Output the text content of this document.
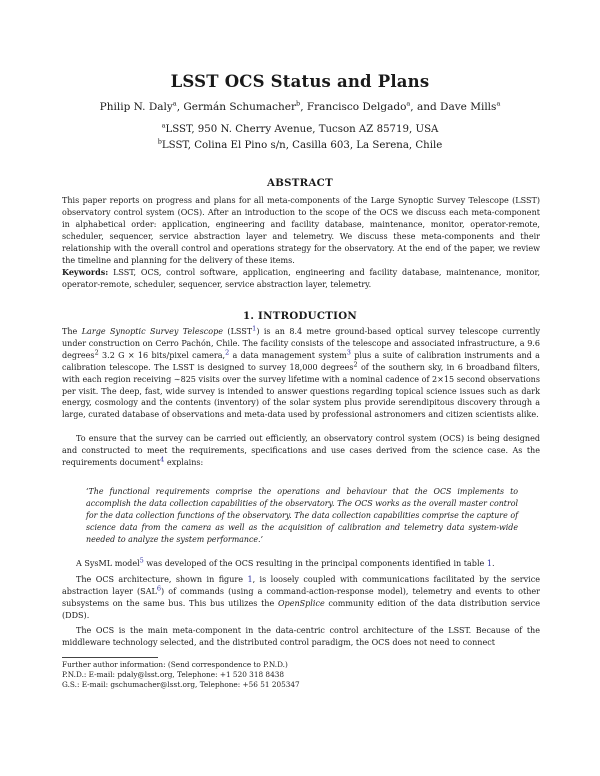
LSST OCS Status and Plans
Philip N. Daly$^a$, Germán Schumacher$^b$, Francisco Delgado$^a$, and Dave Mills$^a$
$^a$LSST, 950 N. Cherry Avenue, Tucson AZ 85719, USA
$^b$LSST, Colina El Pino s/n, Casilla 603, La Serena, Chile
ABSTRACT
This paper reports on progress and plans for all meta-components of the Large Synoptic Survey Telescope (LSST) observatory control system (OCS). After an introduction to the scope of the OCS we discuss each meta-component in alphabetical order: application, engineering and facility database, maintenance, monitor, operator-remote, scheduler, sequencer, service abstraction layer and telemetry. We discuss these meta-components and their relationship with the overall control and operations strategy for the observatory. At the end of the paper, we review the timeline and planning for the delivery of these items.
Keywords: LSST, OCS, control software, application, engineering and facility database, maintenance, monitor, operator-remote, scheduler, sequencer, service abstraction layer, telemetry.
1. INTRODUCTION
The Large Synoptic Survey Telescope (LSST$^1$) is an 8.4 metre ground-based optical survey telescope currently under construction on Cerro Pachón, Chile. The facility consists of the telescope and associated infrastructure, a 9.6 degrees$^2$ 3.2 G × 16 bits/pixel camera,$^2$ a data management system$^3$ plus a suite of calibration instruments and a calibration telescope. The LSST is designed to survey 18,000 degrees$^2$ of the southern sky, in 6 broadband filters, with each region receiving ∼825 visits over the survey lifetime with a nominal cadence of 2×15 second observations per visit. The deep, fast, wide survey is intended to answer questions regarding topical science issues such as dark energy, cosmology and the contents (inventory) of the solar system plus provide serendipitous discovery through a large, curated database of observations and meta-data used by professional astronomers and citizen scientists alike.
To ensure that the survey can be carried out efficiently, an observatory control system (OCS) is being designed and constructed to meet the requirements, specifications and use cases derived from the science case. As the requirements document$^4$ explains:
‘The functional requirements comprise the operations and behaviour that the OCS implements to accomplish the data collection capabilities of the observatory. The OCS works as the overall master control for the data collection functions of the observatory. The data collection capabilities comprise the capture of science data from the camera as well as the acquisition of calibration and telemetry data system-wide needed to analyze the system performance.’
A SysML model$^5$ was developed of the OCS resulting in the principal components identified in table 1.
The OCS architecture, shown in figure 1, is loosely coupled with communications facilitated by the service abstraction layer (SAL$^6$) of commands (using a command-action-response model), telemetry and events to other subsystems on the same bus. This bus utilizes the OpenSplice community edition of the data distribution service (DDS).
The OCS is the main meta-component in the data-centric control architecture of the LSST. Because of the middleware technology selected, and the distributed control paradigm, the OCS does not need to connect
Further author information: (Send correspondence to P.N.D.)
P.N.D.: E-mail: pdaly@lsst.org, Telephone: +1 520 318 8438
G.S.: E-mail: gschumacher@lsst.org, Telephone: +56 51 205347
